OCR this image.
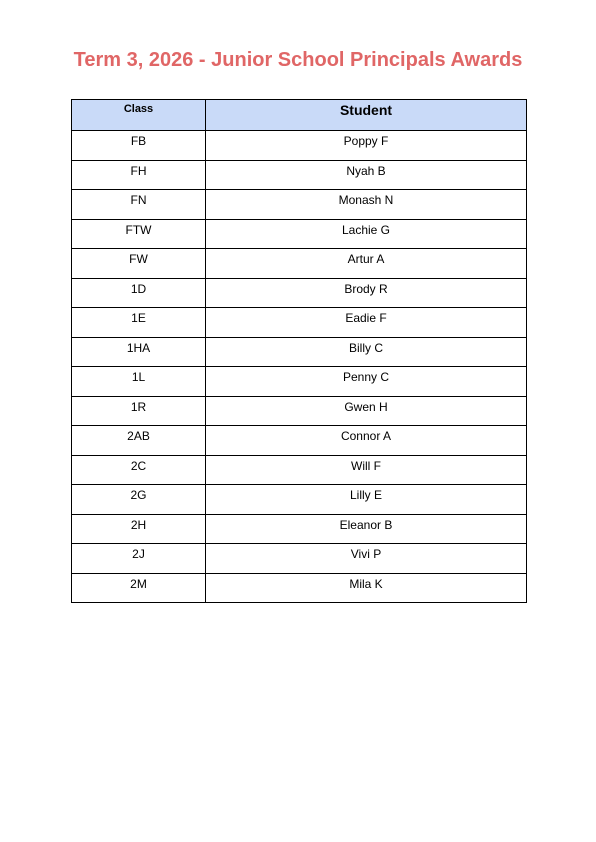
Term 3, 2026 - Junior School Principals Awards
Class	Student
FB	Poppy F
FH	Nyah B
FN	Monash N
FTW	Lachie G
FW	Artur A
1D	Brody R
1E	Eadie F
1HA	Billy C
1L	Penny C
1R	Gwen H
2AB	Connor A
2C	Will F
2G	Lilly E
2H	Eleanor B
2J	Vivi P
2M	Mila K
